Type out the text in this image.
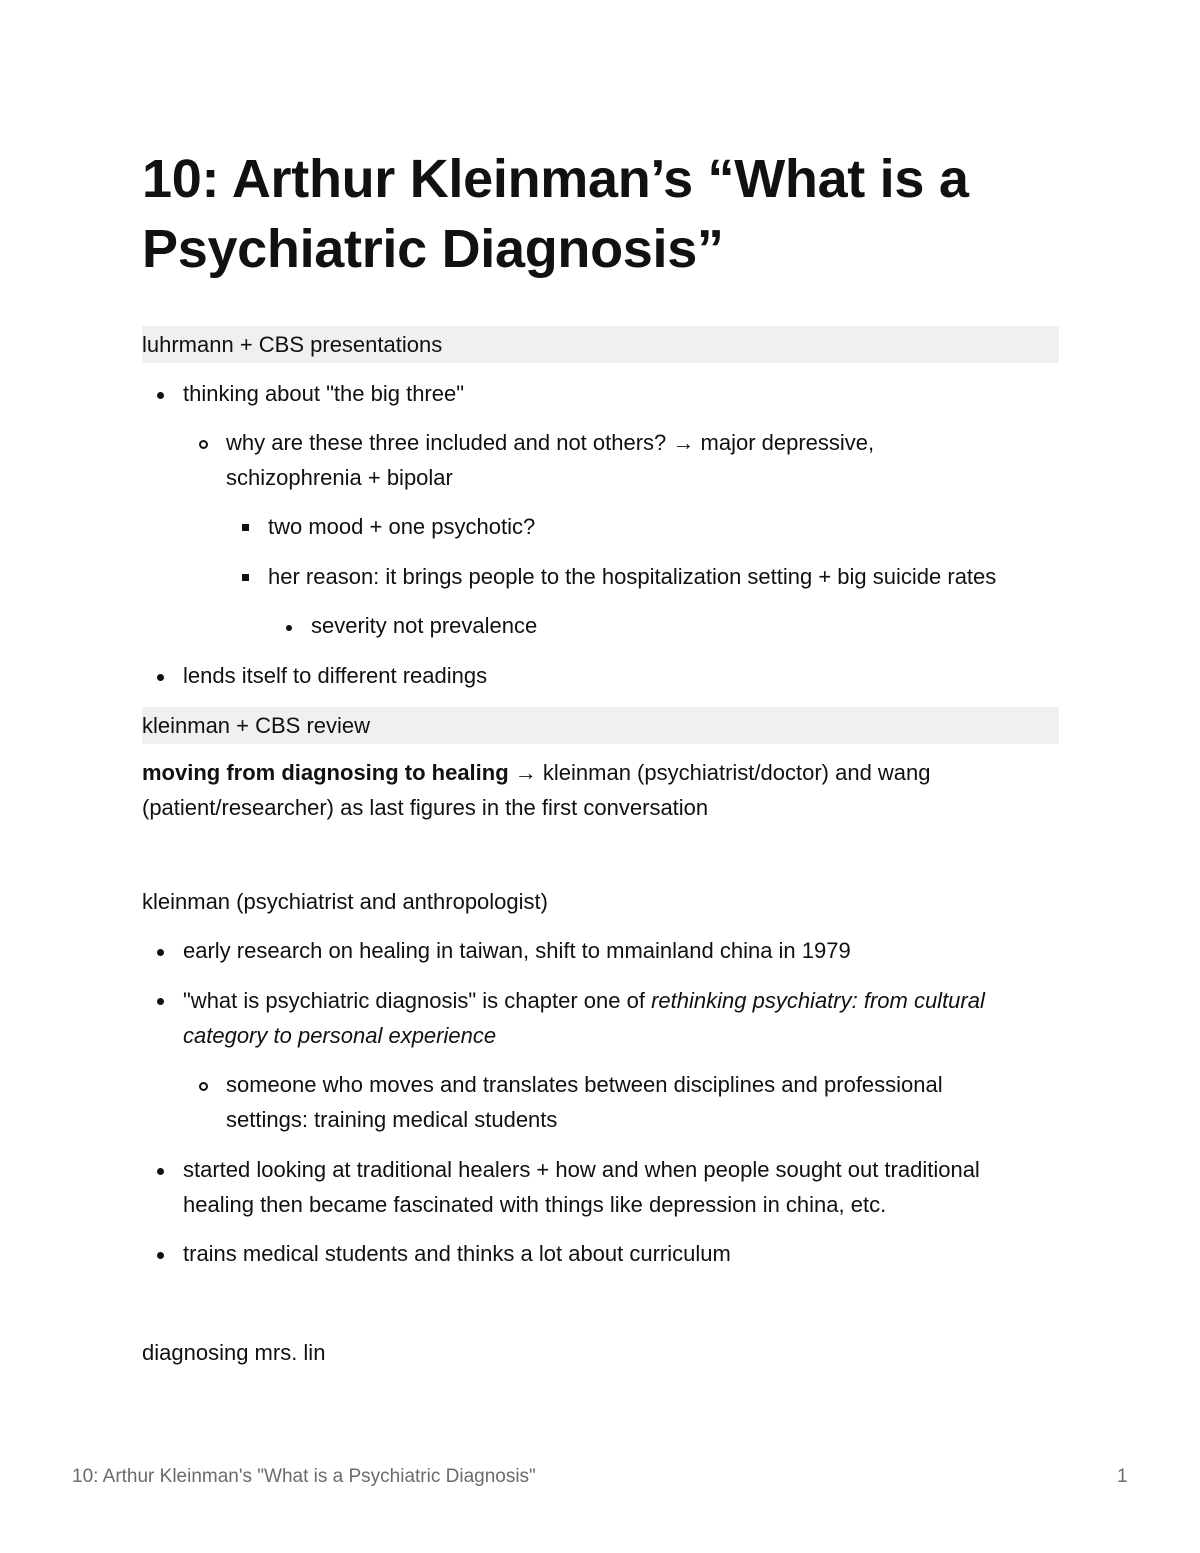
10: Arthur Kleinman’s “What is a
Psychiatric Diagnosis”
luhrmann + CBS presentations
thinking about "the big three"
why are these three included and not others? → major depressive,
schizophrenia + bipolar
two mood + one psychotic?
her reason: it brings people to the hospitalization setting + big suicide rates
severity not prevalence
lends itself to different readings
kleinman + CBS review
moving from diagnosing to healing → kleinman (psychiatrist/doctor) and wang
(patient/researcher) as last figures in the first conversation
kleinman (psychiatrist and anthropologist)
early research on healing in taiwan, shift to mmainland china in 1979
"what is psychiatric diagnosis" is chapter one of rethinking psychiatry: from cultural
category to personal experience
someone who moves and translates between disciplines and professional
settings: training medical students
started looking at traditional healers + how and when people sought out traditional
healing then became fascinated with things like depression in china, etc.
trains medical students and thinks a lot about curriculum
diagnosing mrs. lin
10: Arthur Kleinman's "What is a Psychiatric Diagnosis"	1
